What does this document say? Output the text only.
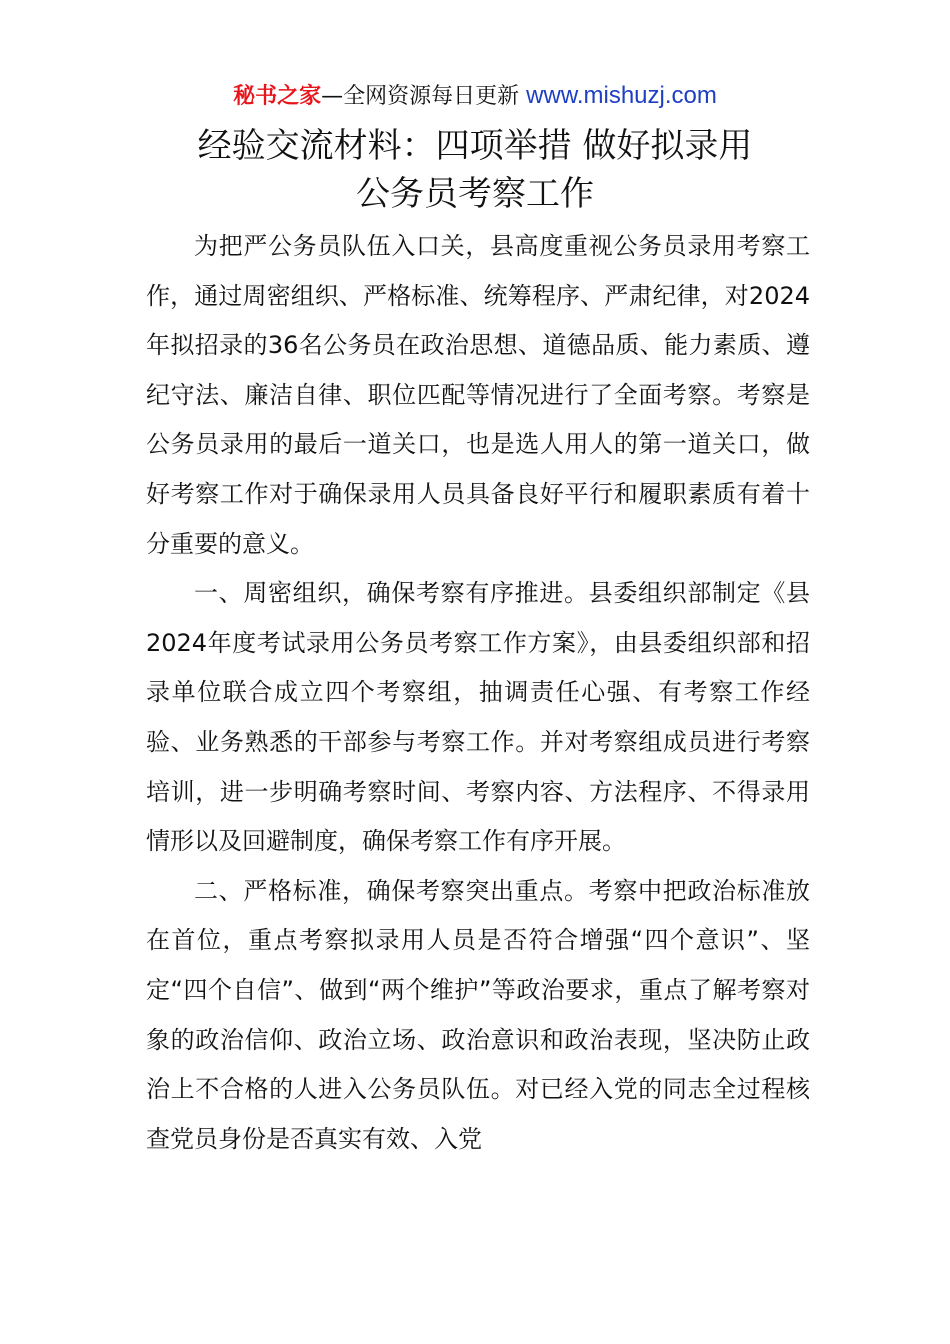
秘书之家—全网资源每日更新 www.mishuzj.com
经验交流材料：四项举措 做好拟录用
公务员考察工作

为把严公务员队伍入口关，县高度重视公务员录用考察工作，通过周密组织、严格标准、统筹程序、严肃纪律，对2024年拟招录的36名公务员在政治思想、道德品质、能力素质、遵纪守法、廉洁自律、职位匹配等情况进行了全面考察。考察是公务员录用的最后一道关口，也是选人用人的第一道关口，做好考察工作对于确保录用人员具备良好平行和履职素质有着十分重要的意义。

一、周密组织，确保考察有序推进。县委组织部制定《县2024年度考试录用公务员考察工作方案》，由县委组织部和招录单位联合成立四个考察组，抽调责任心强、有考察工作经验、业务熟悉的干部参与考察工作。并对考察组成员进行考察培训，进一步明确考察时间、考察内容、方法程序、不得录用情形以及回避制度，确保考察工作有序开展。

二、严格标准，确保考察突出重点。考察中把政治标准放在首位，重点考察拟录用人员是否符合增强“四个意识”、坚定“四个自信”、做到“两个维护”等政治要求，重点了解考察对象的政治信仰、政治立场、政治意识和政治表现，坚决防止政治上不合格的人进入公务员队伍。对已经入党的同志全过程核查党员身份是否真实有效、入党
